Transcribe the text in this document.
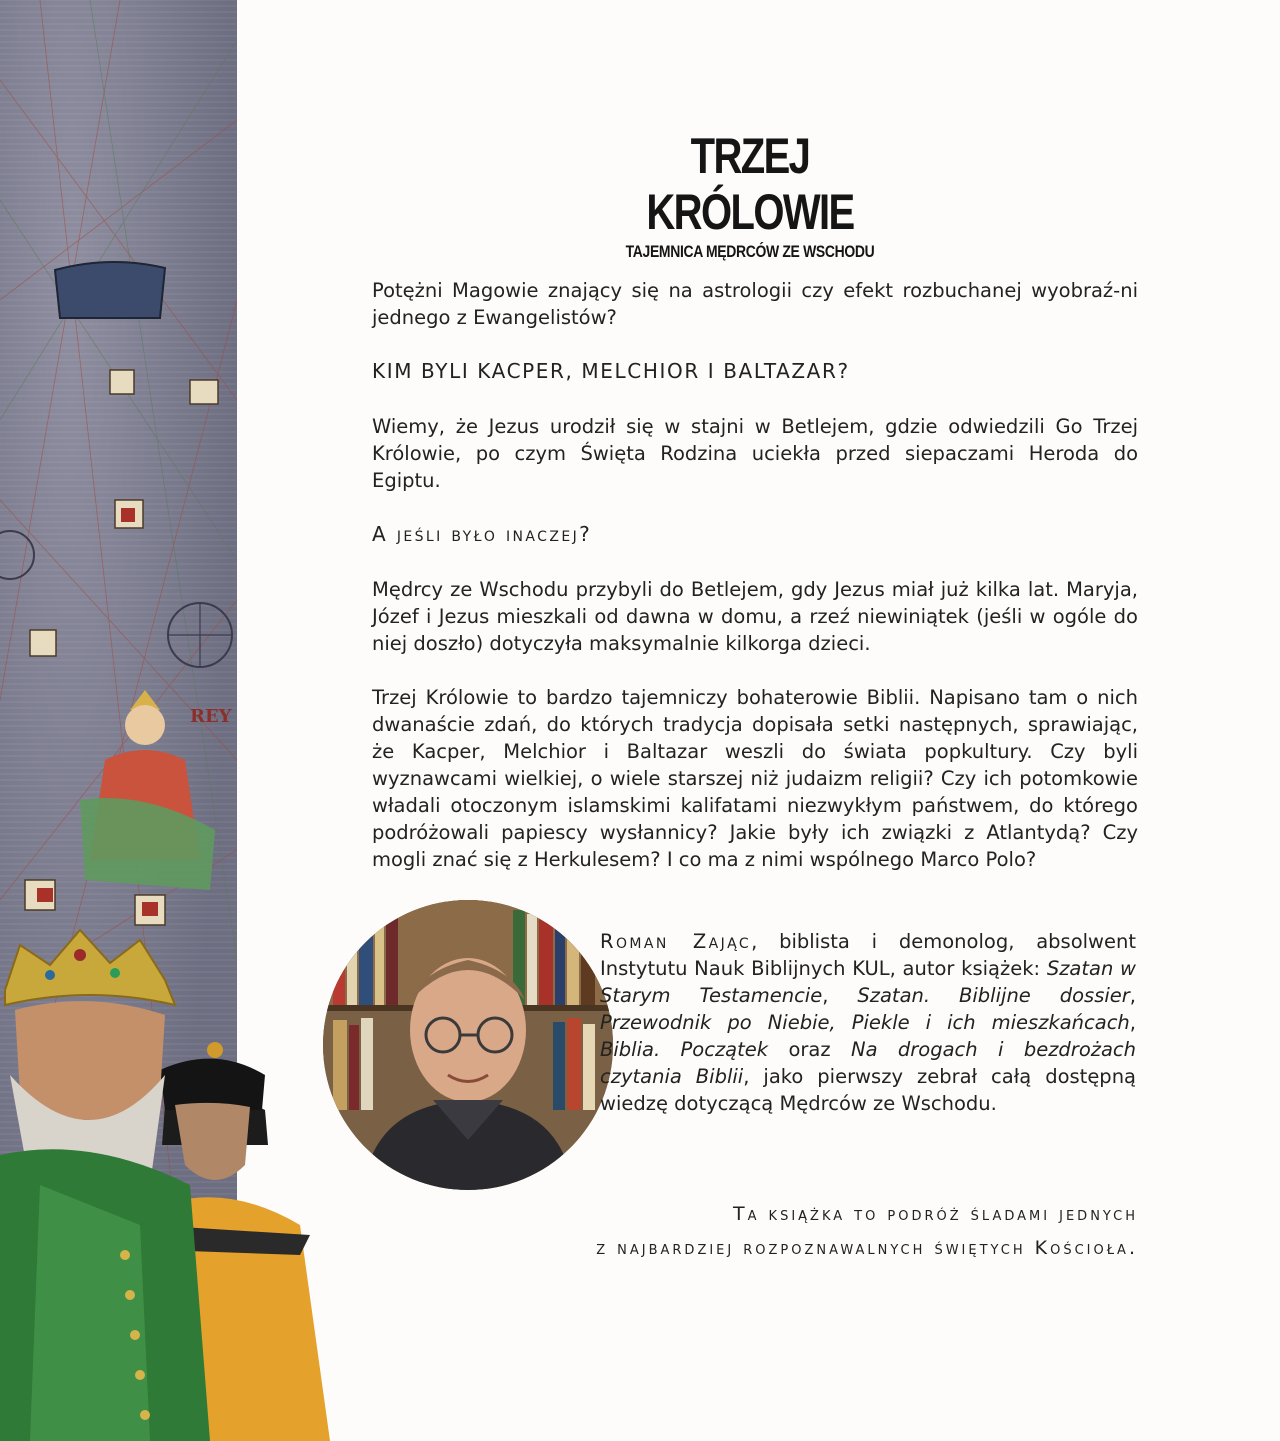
REY
TRZEJ KRÓLOWIE
TAJEMNICA MĘDRCÓW ZE WSCHODU
Potężni Magowie znający się na astrologii czy efekt rozbuchanej wyobraź-ni jednego z Ewangelistów?
KIM BYLI KACPER, MELCHIOR I BALTAZAR?
Wiemy, że Jezus urodził się w stajni w Betlejem, gdzie odwiedzili Go Trzej Królowie, po czym Święta Rodzina uciekła przed siepaczami Heroda do Egiptu.
A jeśli było inaczej?
Mędrcy ze Wschodu przybyli do Betlejem, gdy Jezus miał już kilka lat. Maryja, Józef i Jezus mieszkali od dawna w domu, a rzeź niewiniątek (jeśli w ogóle do niej doszło) dotyczyła maksymalnie kilkorga dzieci.
Trzej Królowie to bardzo tajemniczy bohaterowie Biblii. Napisano tam o nich dwanaście zdań, do których tradycja dopisała setki następnych, sprawiając, że Kacper, Melchior i Baltazar weszli do świata popkultury. Czy byli wyznawcami wielkiej, o wiele starszej niż judaizm religii? Czy ich potomkowie władali otoczonym islamskimi kalifatami niezwykłym państwem, do którego podróżowali papiescy wysłannicy? Jakie były ich związki z Atlantydą? Czy mogli znać się z Herkulesem? I co ma z nimi wspólnego Marco Polo?
Roman Zając, biblista i demonolog, absolwent Instytutu Nauk Biblijnych KUL, autor książek: Szatan w Starym Testamencie, Szatan. Biblijne dossier, Przewodnik po Niebie, Piekle i ich mieszkańcach, Biblia. Początek oraz Na drogach i bezdrożach czytania Biblii, jako pierwszy zebrał całą dostępną wiedzę dotyczącą Mędrców ze Wschodu.
Ta książka to podróż śladami jednych
z najbardziej rozpoznawalnych świętych Kościoła.
